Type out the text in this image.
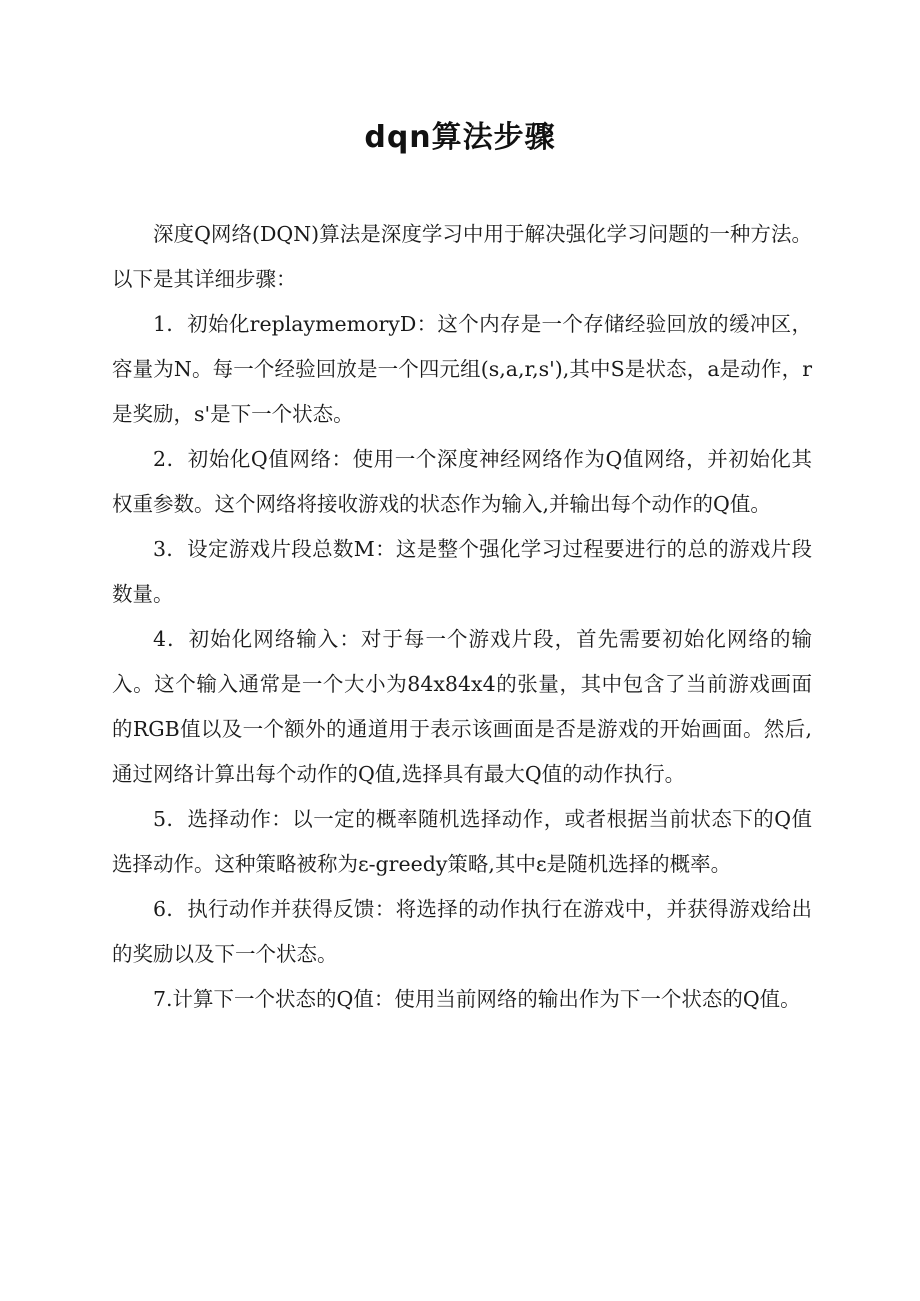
dqn算法步骤

深度Q网络(DQN)算法是深度学习中用于解决强化学习问题的一种方法。以下是其详细步骤：

1．初始化replaymemoryD：这个内存是一个存储经验回放的缓冲区，容量为N。每一个经验回放是一个四元组(s,a,r,s'),其中S是状态，a是动作，r是奖励，s'是下一个状态。

2．初始化Q值网络：使用一个深度神经网络作为Q值网络，并初始化其权重参数。这个网络将接收游戏的状态作为输入,并输出每个动作的Q值。

3．设定游戏片段总数M：这是整个强化学习过程要进行的总的游戏片段数量。

4．初始化网络输入：对于每一个游戏片段，首先需要初始化网络的输入。这个输入通常是一个大小为84x84x4的张量，其中包含了当前游戏画面的RGB值以及一个额外的通道用于表示该画面是否是游戏的开始画面。然后,通过网络计算出每个动作的Q值,选择具有最大Q值的动作执行。

5．选择动作：以一定的概率随机选择动作，或者根据当前状态下的Q值选择动作。这种策略被称为ε-greedy策略,其中ε是随机选择的概率。

6．执行动作并获得反馈：将选择的动作执行在游戏中，并获得游戏给出的奖励以及下一个状态。

7.计算下一个状态的Q值：使用当前网络的输出作为下一个状态的Q值。
